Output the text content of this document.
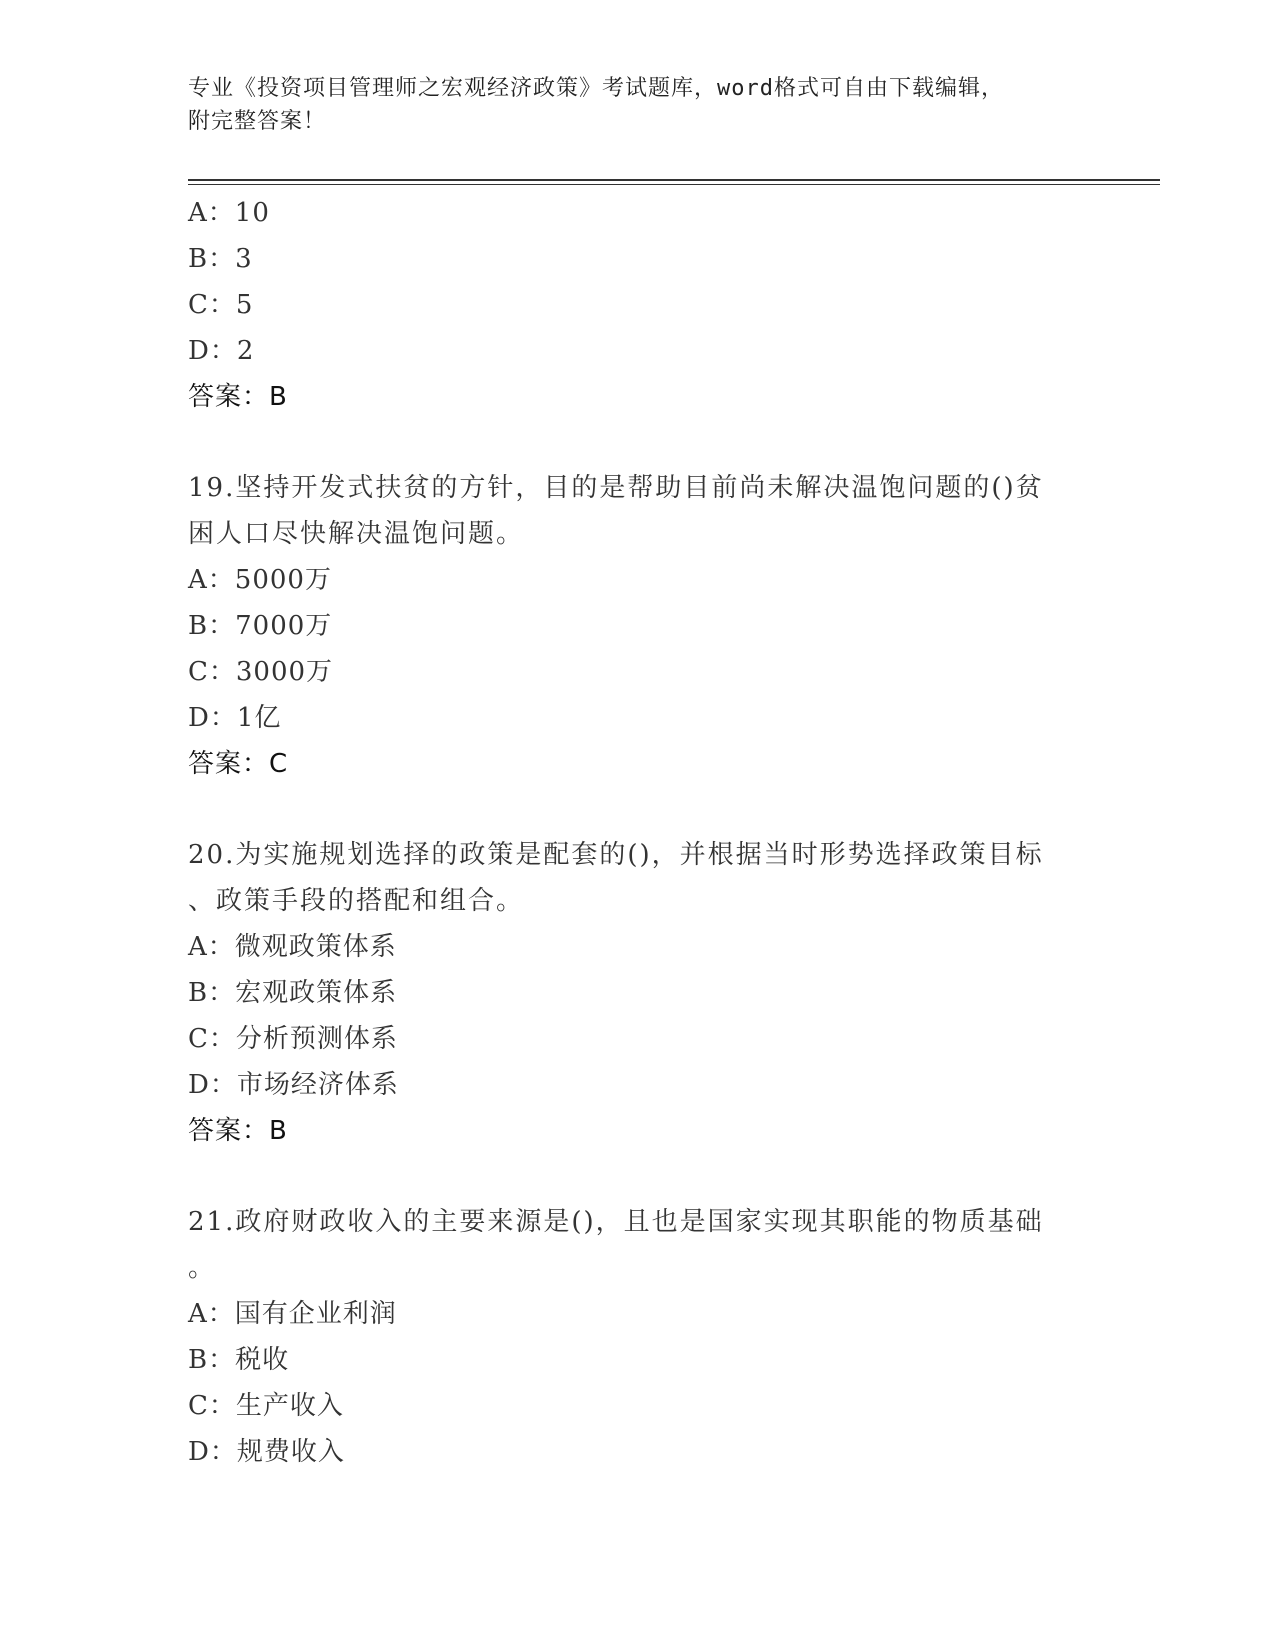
专业《投资项目管理师之宏观经济政策》考试题库，word格式可自由下载编辑，
附完整答案！
A：10
B：3
C：5
D：2
答案：B
19.坚持开发式扶贫的方针，目的是帮助目前尚未解决温饱问题的()贫
困人口尽快解决温饱问题。
A：5000万
B：7000万
C：3000万
D：1亿
答案：C
20.为实施规划选择的政策是配套的()，并根据当时形势选择政策目标
、政策手段的搭配和组合。
A：微观政策体系
B：宏观政策体系
C：分析预测体系
D：市场经济体系
答案：B
21.政府财政收入的主要来源是()，且也是国家实现其职能的物质基础
。
A：国有企业利润
B：税收
C：生产收入
D：规费收入
